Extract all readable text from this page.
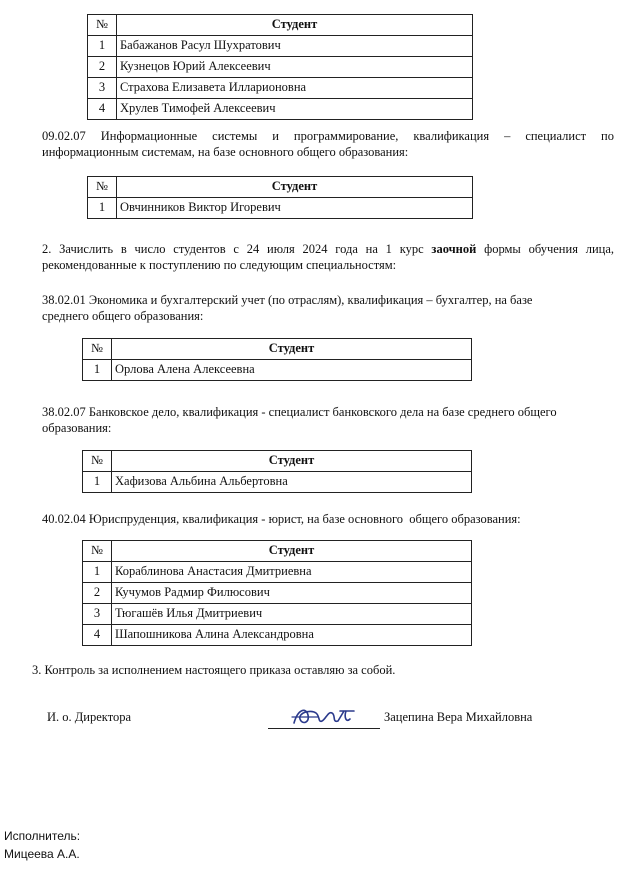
№	Студент
1	Бабажанов Расул Шухратович
2	Кузнецов Юрий Алексеевич
3	Страхова Елизавета Илларионовна
4	Хрулев Тимофей Алексеевич
09.02.07 Информационные системы и программирование, квалификация – специалист по информационным системам, на базе основного общего образования:
№	Студент
1	Овчинников Виктор Игоревич
2. Зачислить в число студентов с 24 июля 2024 года на 1 курс заочной формы обучения лица, рекомендованные к поступлению по следующим специальностям:
38.02.01 Экономика и бухгалтерский учет (по отраслям), квалификация – бухгалтер, на базе среднего общего образования:
№	Студент
1	Орлова Алена Алексеевна
38.02.07 Банковское дело, квалификация - специалист банковского дела на базе среднего общего образования:
№	Студент
1	Хафизова Альбина Альбертовна
40.02.04 Юриспруденция, квалификация - юрист, на базе основного  общего образования:
№	Студент
1	Кораблинова Анастасия Дмитриевна
2	Кучумов Радмир Филюсович
3	Тюгашёв Илья Дмитриевич
4	Шапошникова Алина Александровна
3. Контроль за исполнением настоящего приказа оставляю за собой.
И. о. Директора	Зацепина Вера Михайловна
Исполнитель:
Мицеева А.А.
